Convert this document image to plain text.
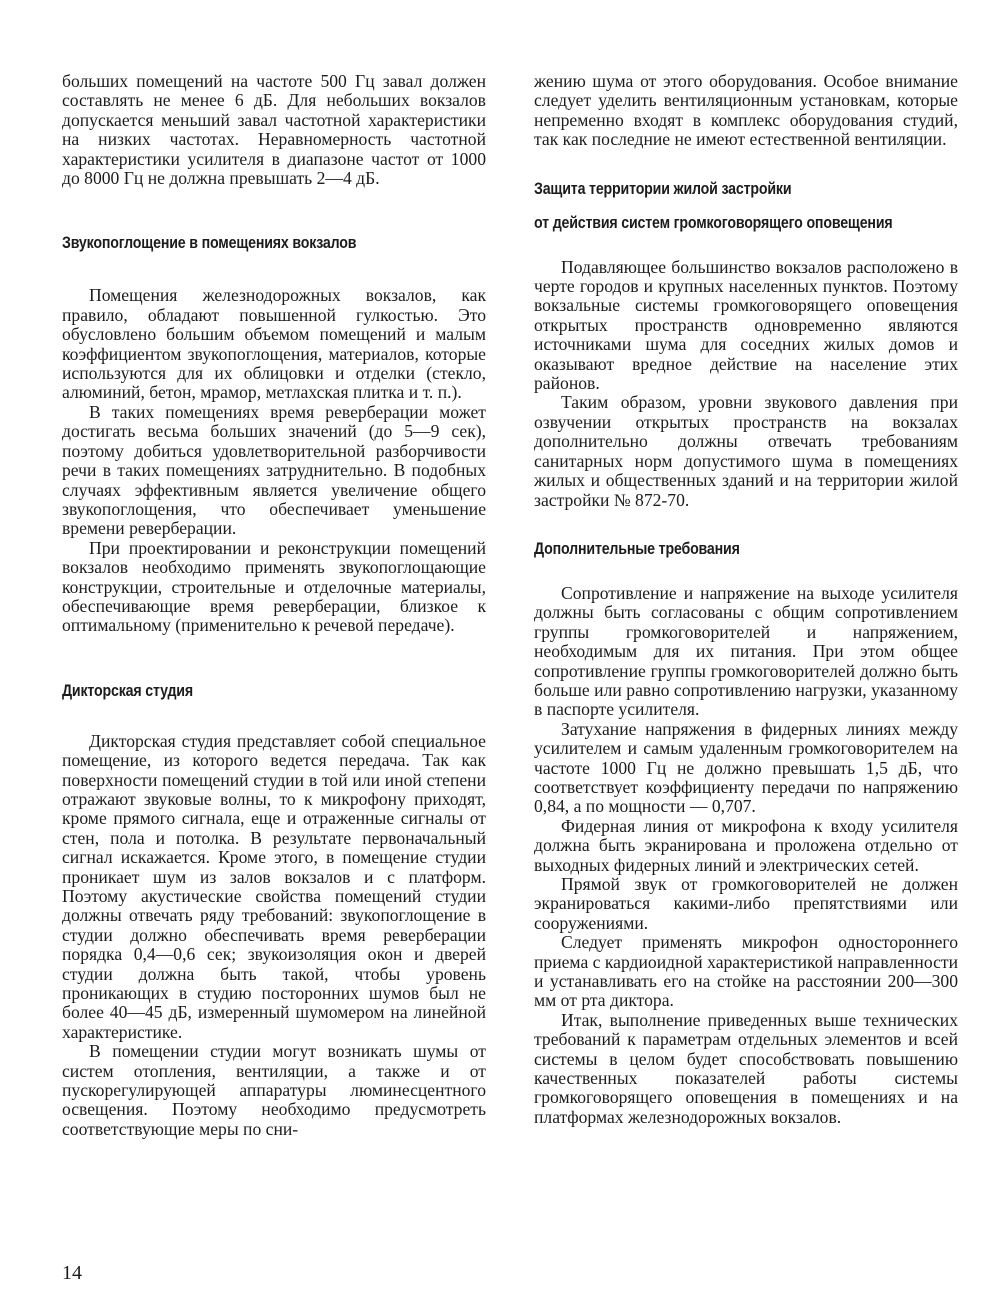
больших помещений на частоте 500 Гц завал должен составлять не менее 6 дБ. Для небольших вокзалов допускается меньший завал частотной характеристики на низких частотах. Неравномерность частотной характеристики усилителя в диапазоне частот от 1000 до 8000 Гц не должна превышать 2—4 дБ.

Звукопоглощение в помещениях вокзалов

Помещения железнодорожных вокзалов, как правило, обладают повышенной гулкостью. Это обусловлено большим объемом помещений и малым коэффициентом звукопоглощения, материалов, которые используются для их облицовки и отделки (стекло, алюминий, бетон, мрамор, метлахская плитка и т. п.).

В таких помещениях время реверберации может достигать весьма больших значений (до 5—9 сек), поэтому добиться удовлетворительной разборчивости речи в таких помещениях затруднительно. В подобных случаях эффективным является увеличение общего звукопоглощения, что обеспечивает уменьшение времени реверберации.

При проектировании и реконструкции помещений вокзалов необходимо применять звукопоглощающие конструкции, строительные и отделочные материалы, обеспечивающие время реверберации, близкое к оптимальному (применительно к речевой передаче).

Дикторская студия

Дикторская студия представляет собой специальное помещение, из которого ведется передача. Так как поверхности помещений студии в той или иной степени отражают звуковые волны, то к микрофону приходят, кроме прямого сигнала, еще и отраженные сигналы от стен, пола и потолка. В результате первоначальный сигнал искажается. Кроме этого, в помещение студии проникает шум из залов вокзалов и с платформ. Поэтому акустические свойства помещений студии должны отвечать ряду требований: звукопоглощение в студии должно обеспечивать время реверберации порядка 0,4—0,6 сек; звукоизоляция окон и дверей студии должна быть такой, чтобы уровень проникающих в студию посторонних шумов был не более 40—45 дБ, измеренный шумомером на линейной характеристике.

В помещении студии могут возникать шумы от систем отопления, вентиляции, а также и от пускорегулирующей аппаратуры люминесцентного освещения. Поэтому необходимо предусмотреть соответствующие меры по сни-

жению шума от этого оборудования. Особое внимание следует уделить вентиляционным установкам, которые непременно входят в комплекс оборудования студий, так как последние не имеют естественной вентиляции.

Защита территории жилой застройки
от действия систем громкоговорящего оповещения

Подавляющее большинство вокзалов расположено в черте городов и крупных населенных пунктов. Поэтому вокзальные системы громкоговорящего оповещения открытых пространств одновременно являются источниками шума для соседних жилых домов и оказывают вредное действие на население этих районов.

Таким образом, уровни звукового давления при озвучении открытых пространств на вокзалах дополнительно должны отвечать требованиям санитарных норм допустимого шума в помещениях жилых и общественных зданий и на территории жилой застройки № 872-70.

Дополнительные требования

Сопротивление и напряжение на выходе усилителя должны быть согласованы с общим сопротивлением группы громкоговорителей и напряжением, необходимым для их питания. При этом общее сопротивление группы громкоговорителей должно быть больше или равно сопротивлению нагрузки, указанному в паспорте усилителя.

Затухание напряжения в фидерных линиях между усилителем и самым удаленным громкоговорителем на частоте 1000 Гц не должно превышать 1,5 дБ, что соответствует коэффициенту передачи по напряжению 0,84, а по мощности — 0,707.

Фидерная линия от микрофона к входу усилителя должна быть экранирована и проложена отдельно от выходных фидерных линий и электрических сетей.

Прямой звук от громкоговорителей не должен экранироваться какими-либо препятствиями или сооружениями.

Следует применять микрофон одностороннего приема с кардиоидной характеристикой направленности и устанавливать его на стойке на расстоянии 200—300 мм от рта диктора.

Итак, выполнение приведенных выше технических требований к параметрам отдельных элементов и всей системы в целом будет способствовать повышению качественных показателей работы системы громкоговорящего оповещения в помещениях и на платформах железнодорожных вокзалов.

14
